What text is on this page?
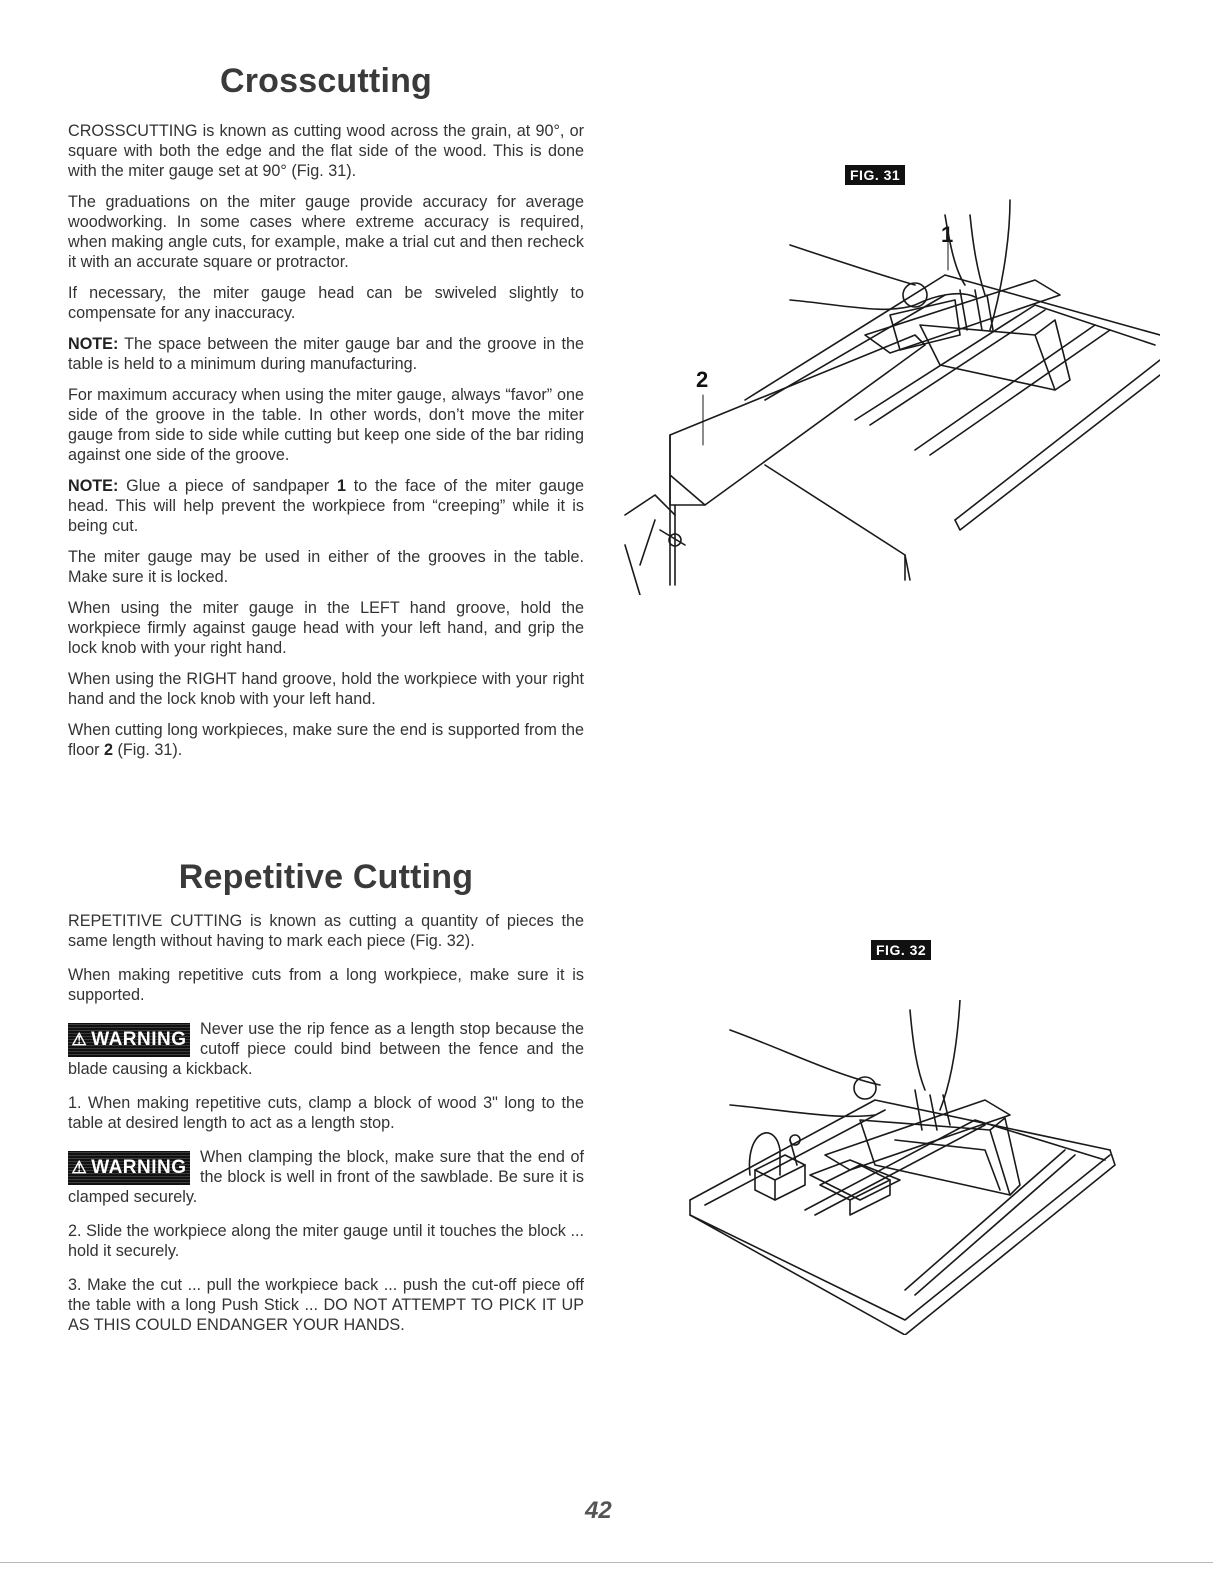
Crosscutting

CROSSCUTTING is known as cutting wood across the grain, at 90°, or square with both the edge and the flat side of the wood. This is done with the miter gauge set at 90° (Fig. 31).

The graduations on the miter gauge provide accuracy for average woodworking. In some cases where extreme accuracy is required, when making angle cuts, for example, make a trial cut and then recheck it with an accurate square or protractor.

If necessary, the miter gauge head can be swiveled slightly to compensate for any inaccuracy.

NOTE: The space between the miter gauge bar and the groove in the table is held to a minimum during manufacturing.

For maximum accuracy when using the miter gauge, always “favor” one side of the groove in the table. In other words, don’t move the miter gauge from side to side while cutting but keep one side of the bar riding against one side of the groove.

NOTE: Glue a piece of sandpaper 1 to the face of the miter gauge head. This will help prevent the workpiece from “creeping” while it is being cut.

The miter gauge may be used in either of the grooves in the table. Make sure it is locked.

When using the miter gauge in the LEFT hand groove, hold the workpiece firmly against gauge head with your left hand, and grip the lock knob with your right hand.

When using the RIGHT hand groove, hold the workpiece with your right hand and the lock knob with your left hand.

When cutting long workpieces, make sure the end is supported from the floor 2 (Fig. 31).

Repetitive Cutting

REPETITIVE CUTTING is known as cutting a quantity of pieces the same length without having to mark each piece (Fig. 32).

When making repetitive cuts from a long workpiece, make sure it is supported.

⚠ WARNING Never use the rip fence as a length stop because the cutoff piece could bind between the fence and the blade causing a kickback.

1. When making repetitive cuts, clamp a block of wood 3" long to the table at desired length to act as a length stop.

⚠ WARNING When clamping the block, make sure that the end of the block is well in front of the sawblade. Be sure it is clamped securely.

2. Slide the workpiece along the miter gauge until it touches the block ... hold it securely.

3. Make the cut ... pull the workpiece back ... push the cut-off piece off the table with a long Push Stick ... DO NOT ATTEMPT TO PICK IT UP AS THIS COULD ENDANGER YOUR HANDS.

FIG. 31
1
2
FIG. 32
42
